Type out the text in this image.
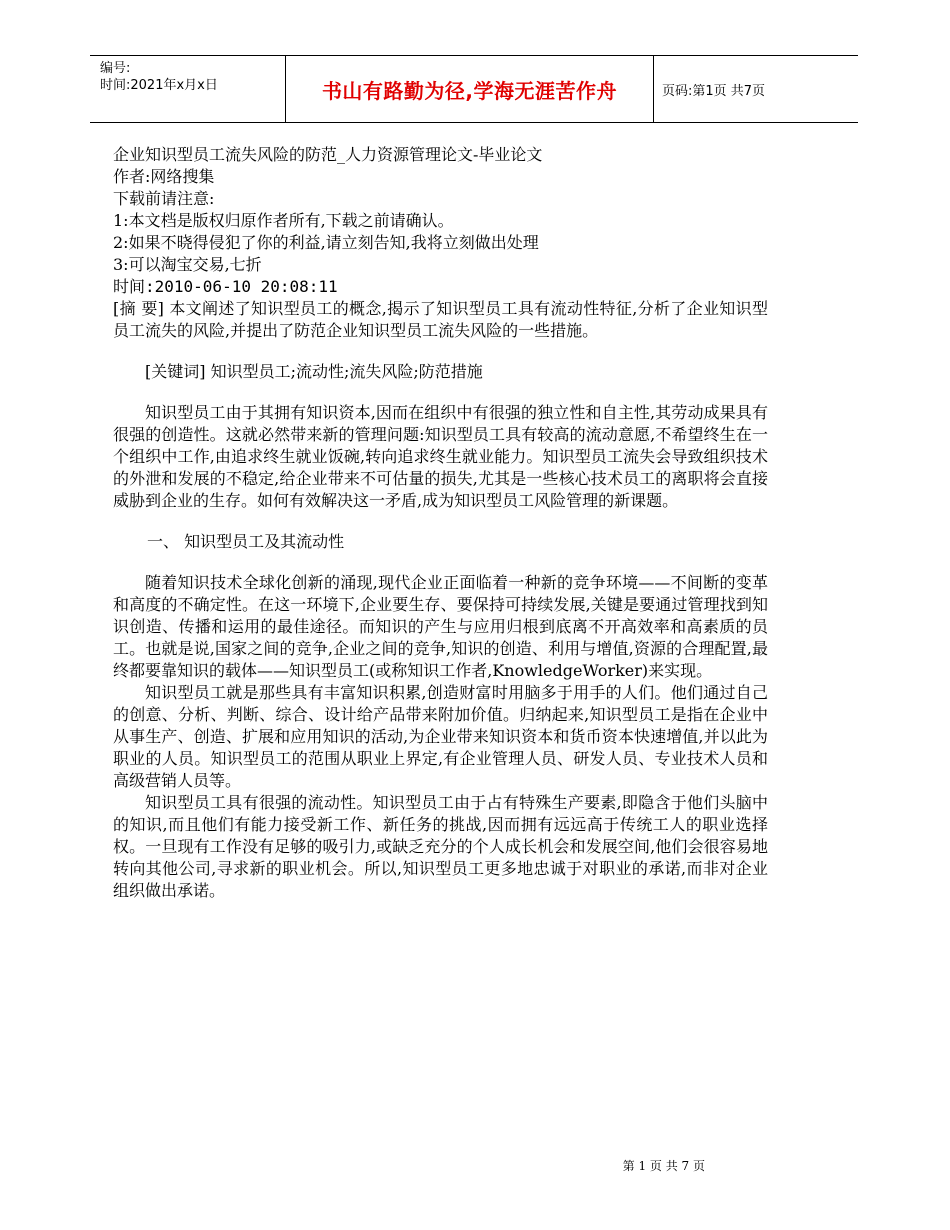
编号:
时间:2021年x月x日	书山有路勤为径,学海无涯苦作舟	页码:第1页 共7页
企业知识型员工流失风险的防范_人力资源管理论文-毕业论文
作者:网络搜集
下载前请注意:
1:本文档是版权归原作者所有,下载之前请确认。
2:如果不晓得侵犯了你的利益,请立刻告知,我将立刻做出处理
3:可以淘宝交易,七折
时间:2010-06-10 20:08:11

[摘 要] 本文阐述了知识型员工的概念,揭示了知识型员工具有流动性特征,分析了企业知识型员工流失的风险,并提出了防范企业知识型员工流失风险的一些措施。

[关键词] 知识型员工;流动性;流失风险;防范措施

知识型员工由于其拥有知识资本,因而在组织中有很强的独立性和自主性,其劳动成果具有很强的创造性。这就必然带来新的管理问题:知识型员工具有较高的流动意愿,不希望终生在一个组织中工作,由追求终生就业饭碗,转向追求终生就业能力。知识型员工流失会导致组织技术的外泄和发展的不稳定,给企业带来不可估量的损失,尤其是一些核心技术员工的离职将会直接威胁到企业的生存。如何有效解决这一矛盾,成为知识型员工风险管理的新课题。

一、 知识型员工及其流动性

随着知识技术全球化创新的涌现,现代企业正面临着一种新的竞争环境——不间断的变革和高度的不确定性。在这一环境下,企业要生存、要保持可持续发展,关键是要通过管理找到知识创造、传播和运用的最佳途径。而知识的产生与应用归根到底离不开高效率和高素质的员工。也就是说,国家之间的竞争,企业之间的竞争,知识的创造、利用与增值,资源的合理配置,最终都要靠知识的载体——知识型员工(或称知识工作者,KnowledgeWorker)来实现。

知识型员工就是那些具有丰富知识积累,创造财富时用脑多于用手的人们。他们通过自己的创意、分析、判断、综合、设计给产品带来附加价值。归纳起来,知识型员工是指在企业中从事生产、创造、扩展和应用知识的活动,为企业带来知识资本和货币资本快速增值,并以此为职业的人员。知识型员工的范围从职业上界定,有企业管理人员、研发人员、专业技术人员和高级营销人员等。

知识型员工具有很强的流动性。知识型员工由于占有特殊生产要素,即隐含于他们头脑中的知识,而且他们有能力接受新工作、新任务的挑战,因而拥有远远高于传统工人的职业选择权。一旦现有工作没有足够的吸引力,或缺乏充分的个人成长机会和发展空间,他们会很容易地转向其他公司,寻求新的职业机会。所以,知识型员工更多地忠诚于对职业的承诺,而非对企业组织做出承诺。

第 1 页 共 7 页
